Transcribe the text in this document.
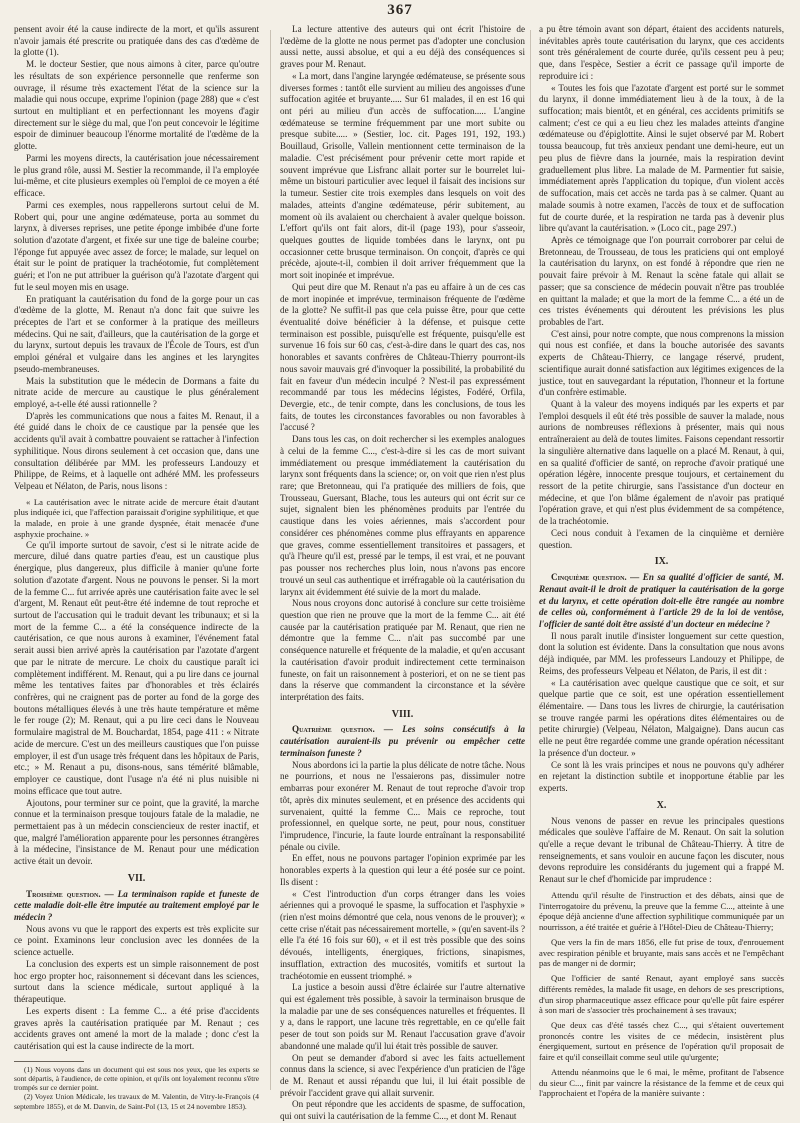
367

pensent avoir été la cause indirecte de la mort, et qu'ils assurent n'avoir jamais été prescrite ou pratiquée dans des cas d'œdème de la glotte (1).

M. le docteur Sestier, que nous aimons à citer, parce qu'outre les résultats de son expérience personnelle que renferme son ouvrage, il résume très exactement l'état de la science sur la maladie qui nous occupe, exprime l'opinion (page 288) que « c'est surtout en multipliant et en perfectionnant les moyens d'agir directement sur le siège du mal, que l'on peut concevoir le légitime espoir de diminuer beaucoup l'énorme mortalité de l'œdème de la glotte.

Parmi les moyens directs, la cautérisation joue nécessairement le plus grand rôle, aussi M. Sestier la recommande, il l'a employée lui-même, et cite plusieurs exemples où l'emploi de ce moyen a été efficace.

Parmi ces exemples, nous rappellerons surtout celui de M. Robert qui, pour une angine œdémateuse, porta au sommet du larynx, à diverses reprises, une petite éponge imbibée d'une forte solution d'azotate d'argent, et fixée sur une tige de baleine courbe; l'éponge fut appuyée avec assez de force; le malade, sur lequel on était sur le point de pratiquer la trachéotomie, fut complètement guéri; et l'on ne put attribuer la guérison qu'à l'azotate d'argent qui fut le seul moyen mis en usage.

En pratiquant la cautérisation du fond de la gorge pour un cas d'œdème de la glotte, M. Renaut n'a donc fait que suivre les préceptes de l'art et se conformer à la pratique des meilleurs médecins. Qui ne sait, d'ailleurs, que la cautérisation de la gorge et du larynx, surtout depuis les travaux de l'École de Tours, est d'un emploi général et vulgaire dans les angines et les laryngites pseudo-membraneuses.

Mais la substitution que le médecin de Dormans a faite du nitrate acide de mercure au caustique le plus généralement employé, a-t-elle été aussi rationnelle ?

D'après les communications que nous a faites M. Renaut, il a été guidé dans le choix de ce caustique par la pensée que les accidents qu'il avait à combattre pouvaient se rattacher à l'infection syphilitique. Nous dirons seulement à cet occasion que, dans une consultation délibérée par MM. les professeurs Landouzy et Philippe, de Reims, et à laquelle ont adhéré MM. les professeurs Velpeau et Nélaton, de Paris, nous lisons :

« La cautérisation avec le nitrate acide de mercure était d'autant plus indiquée ici, que l'affection paraissait d'origine syphilitique, et que la malade, en proie à une grande dyspnée, était menacée d'une asphyxie prochaine. »

Ce qu'il importe surtout de savoir, c'est si le nitrate acide de mercure, dilué dans quatre parties d'eau, est un caustique plus énergique, plus dangereux, plus difficile à manier qu'une forte solution d'azotate d'argent. Nous ne pouvons le penser. Si la mort de la femme C... fut arrivée après une cautérisation faite avec le sel d'argent, M. Renaut eût peut-être été indemne de tout reproche et surtout de l'accusation qui le traduit devant les tribunaux; et si la mort de la femme C... a été la conséquence indirecte de la cautérisation, ce que nous aurons à examiner, l'événement fatal serait aussi bien arrivé après la cautérisation par l'azotate d'argent que par le nitrate de mercure. Le choix du caustique paraît ici complètement indifférent. M. Renaut, qui a pu lire dans ce journal même les tentatives faites par d'honorables et très éclairés confrères, qui ne craignent pas de porter au fond de la gorge des boutons métalliques élevés à une très haute température et même le fer rouge (2); M. Renaut, qui a pu lire ceci dans le Nouveau formulaire magistral de M. Bouchardat, 1854, page 411 : « Nitrate acide de mercure. C'est un des meilleurs caustiques que l'on puisse employer, il est d'un usage très fréquent dans les hôpitaux de Paris, etc.; » M. Renaut a pu, disons-nous, sans témérité blâmable, employer ce caustique, dont l'usage n'a été ni plus nuisible ni moins efficace que tout autre.

Ajoutons, pour terminer sur ce point, que la gravité, la marche connue et la terminaison presque toujours fatale de la maladie, ne permettaient pas à un médecin consciencieux de rester inactif, et que, malgré l'amélioration apparente pour les personnes étrangères à la médecine, l'insistance de M. Renaut pour une médication active était un devoir.

VII.

Troisième question. — La terminaison rapide et funeste de cette maladie doit-elle être imputée au traitement employé par le médecin ?

Nous avons vu que le rapport des experts est très explicite sur ce point. Examinons leur conclusion avec les données de la science actuelle.

La conclusion des experts est un simple raisonnement de post hoc ergo propter hoc, raisonnement si décevant dans les sciences, surtout dans la science médicale, surtout appliqué à la thérapeutique.

Les experts disent : La femme C... a été prise d'accidents graves après la cautérisation pratiquée par M. Renaut ; ces accidents graves ont amené la mort de la malade ; donc c'est la cautérisation qui est la cause indirecte de la mort.

(1) Nous voyons dans un document qui est sous nos yeux, que les experts se sont départis, à l'audience, de cette opinion, et qu'ils ont loyalement reconnu s'être trompés sur ce dernier point.

(2) Voyez Union Médicale, les travaux de M. Valentin, de Vitry-le-François (4 septembre 1855), et de M. Danvin, de Saint-Pol (13, 15 et 24 novembre 1853).

La lecture attentive des auteurs qui ont écrit l'histoire de l'œdème de la glotte ne nous permet pas d'adopter une conclusion aussi nette, aussi absolue, et qui a eu déjà des conséquences si graves pour M. Renaut.

« La mort, dans l'angine laryngée œdémateuse, se présente sous diverses formes : tantôt elle survient au milieu des angoisses d'une suffocation agitée et bruyante..... Sur 61 malades, il en est 16 qui ont péri au milieu d'un accès de suffocation..... L'angine œdémateuse se termine fréquemment par une mort subite ou presque subite..... » (Sestier, loc. cit. Pages 191, 192, 193.) Bouillaud, Grisolle, Vallein mentionnent cette terminaison de la maladie. C'est précisément pour prévenir cette mort rapide et souvent imprévue que Lisfranc allait porter sur le bourrelet lui-même un bistouri particulier avec lequel il faisait des incisions sur la tumeur. Sestier cite trois exemples dans lesquels on voit des malades, atteints d'angine œdémateuse, périr subitement, au moment où ils avalaient ou cherchaient à avaler quelque boisson. L'effort qu'ils ont fait alors, dit-il (page 193), pour s'asseoir, quelques gouttes de liquide tombées dans le larynx, ont pu occasionner cette brusque terminaison. On conçoit, d'après ce qui précède, ajoute-t-il, combien il doit arriver fréquemment que la mort soit inopinée et imprévue.

Qui peut dire que M. Renaut n'a pas eu affaire à un de ces cas de mort inopinée et imprévue, terminaison fréquente de l'œdème de la glotte? Ne suffit-il pas que cela puisse être, pour que cette éventualité doive bénéficier à la défense, et puisque cette terminaison est possible, puisqu'elle est fréquente, puisqu'elle est survenue 16 fois sur 60 cas, c'est-à-dire dans le quart des cas, nos honorables et savants confrères de Château-Thierry pourront-ils nous savoir mauvais gré d'invoquer la possibilité, la probabilité du fait en faveur d'un médecin inculpé ? N'est-il pas expressément recommandé par tous les médecins légistes, Fodéré, Orfila, Devergie, etc., de tenir compte, dans les conclusions, de tous les faits, de toutes les circonstances favorables ou non favorables à l'accusé ?

Dans tous les cas, on doit rechercher si les exemples analogues à celui de la femme C..., c'est-à-dire si les cas de mort suivant immédiatement ou presque immédiatement la cautérisation du larynx sont fréquents dans la science; or, on voit que rien n'est plus rare; que Bretonneau, qui l'a pratiquée des milliers de fois, que Trousseau, Guersant, Blache, tous les auteurs qui ont écrit sur ce sujet, signalent bien les phénomènes produits par l'entrée du caustique dans les voies aériennes, mais s'accordent pour considérer ces phénomènes comme plus effrayants en apparence que graves, comme essentiellement transitoires et passagers, et qu'à l'heure qu'il est, pressé par le temps, il est vrai, et ne pouvant pas pousser nos recherches plus loin, nous n'avons pas encore trouvé un seul cas authentique et irréfragable où la cautérisation du larynx ait évidemment été suivie de la mort du malade.

Nous nous croyons donc autorisé à conclure sur cette troisième question que rien ne prouve que la mort de la femme C... ait été causée par la cautérisation pratiquée par M. Renaut, que rien ne démontre que la femme C... n'ait pas succombé par une conséquence naturelle et fréquente de la maladie, et qu'en accusant la cautérisation d'avoir produit indirectement cette terminaison funeste, on fait un raisonnement à posteriori, et on ne se tient pas dans la réserve que commandent la circonstance et la sévère interprétation des faits.

VIII.

Quatrième question. — Les soins consécutifs à la cautérisation auraient-ils pu prévenir ou empêcher cette terminaison funeste ?

Nous abordons ici la partie la plus délicate de notre tâche. Nous ne pourrions, et nous ne l'essaierons pas, dissimuler notre embarras pour exonérer M. Renaut de tout reproche d'avoir trop tôt, après dix minutes seulement, et en présence des accidents qui survenaient, quitté la femme C... Mais ce reproche, tout professionnel, en quelque sorte, ne peut, pour nous, constituer l'imprudence, l'incurie, la faute lourde entraînant la responsabilité pénale ou civile.

En effet, nous ne pouvons partager l'opinion exprimée par les honorables experts à la question qui leur a été posée sur ce point. Ils disent :

« C'est l'introduction d'un corps étranger dans les voies aériennes qui a provoqué le spasme, la suffocation et l'asphyxie » (rien n'est moins démontré que cela, nous venons de le prouver); « cette crise n'était pas nécessairement mortelle, » (qu'en savent-ils ? elle l'a été 16 fois sur 60), « et il est très possible que des soins dévoués, intelligents, énergiques, frictions, sinapismes, insufflation, extraction des mucosités, vomitifs et surtout la trachéotomie en eussent triomphé. »

La justice a besoin aussi d'être éclairée sur l'autre alternative qui est également très possible, à savoir la terminaison brusque de la maladie par une de ses conséquences naturelles et fréquentes. Il y a, dans le rapport, une lacune très regrettable, en ce qu'elle fait peser de tout son poids sur M. Renaut l'accusation grave d'avoir abandonné une malade qu'il lui était très possible de sauver.

On peut se demander d'abord si avec les faits actuellement connus dans la science, si avec l'expérience d'un praticien de l'âge de M. Renaut et aussi répandu que lui, il lui était possible de prévoir l'accident grave qui allait survenir.

On peut répondre que les accidents de spasme, de suffocation, qui ont suivi la cautérisation de la femme C..., et dont M. Renaut

a pu être témoin avant son départ, étaient des accidents naturels, inévitables après toute cautérisation du larynx, que ces accidents sont très généralement de courte durée, qu'ils cessent peu à peu; que, dans l'espèce, Sestier a écrit ce passage qu'il importe de reproduire ici :

« Toutes les fois que l'azotate d'argent est porté sur le sommet du larynx, il donne immédiatement lieu à de la toux, à de la suffocation; mais bientôt, et en général, ces accidents primitifs se calment; c'est ce qui a eu lieu chez les malades atteints d'angine œdémateuse ou d'épiglottite. Ainsi le sujet observé par M. Robert toussa beaucoup, fut très anxieux pendant une demi-heure, eut un peu plus de fièvre dans la journée, mais la respiration devint graduellement plus libre. La malade de M. Parmentier fut saisie, immédiatement après l'application du topique, d'un violent accès de suffocation, mais cet accès ne tarda pas à se calmer. Quant au malade soumis à notre examen, l'accès de toux et de suffocation fut de courte durée, et la respiration ne tarda pas à devenir plus libre qu'avant la cautérisation. » (Loco cit., page 297.)

Après ce témoignage que l'on pourrait corroborer par celui de Bretonneau, de Trousseau, de tous les praticiens qui ont employé la cautérisation du larynx, on est fondé à répondre que rien ne pouvait faire prévoir à M. Renaut la scène fatale qui allait se passer; que sa conscience de médecin pouvait n'être pas troublée en quittant la malade; et que la mort de la femme C... a été un de ces tristes événements qui déroutent les prévisions les plus probables de l'art.

C'est ainsi, pour notre compte, que nous comprenons la mission qui nous est confiée, et dans la bouche autorisée des savants experts de Château-Thierry, ce langage réservé, prudent, scientifique aurait donné satisfaction aux légitimes exigences de la justice, tout en sauvegardant la réputation, l'honneur et la fortune d'un confrère estimable.

Quant à la valeur des moyens indiqués par les experts et par l'emploi desquels il eût été très possible de sauver la malade, nous aurions de nombreuses réflexions à présenter, mais qui nous entraîneraient au delà de toutes limites. Faisons cependant ressortir la singulière alternative dans laquelle on a placé M. Renaut, à qui, en sa qualité d'officier de santé, on reproche d'avoir pratiqué une opération légère, innocente presque toujours, et certainement du ressort de la petite chirurgie, sans l'assistance d'un docteur en médecine, et que l'on blâme également de n'avoir pas pratiqué l'opération grave, et qui n'est plus évidemment de sa compétence, de la trachéotomie.

Ceci nous conduit à l'examen de la cinquième et dernière question.

IX.

Cinquième question. — En sa qualité d'officier de santé, M. Renaut avait-il le droit de pratiquer la cautérisation de la gorge et du larynx, et cette opération doit-elle être rangée au nombre de celles où, conformément à l'article 29 de la loi de ventôse, l'officier de santé doit être assisté d'un docteur en médecine ?

Il nous paraît inutile d'insister longuement sur cette question, dont la solution est évidente. Dans la consultation que nous avons déjà indiquée, par MM. les professeurs Landouzy et Philippe, de Reims, des professeurs Velpeau et Nélaton, de Paris, il est dit :

« La cautérisation avec quelque caustique que ce soit, et sur quelque partie que ce soit, est une opération essentiellement élémentaire. — Dans tous les livres de chirurgie, la cautérisation se trouve rangée parmi les opérations dites élémentaires ou de petite chirurgie) (Velpeau, Nélaton, Malgaigne). Dans aucun cas elle ne peut être regardée comme une grande opération nécessitant la présence d'un docteur. »

Ce sont là les vrais principes et nous ne pouvons qu'y adhérer en rejetant la distinction subtile et inopportune établie par les experts.

X.

Nous venons de passer en revue les principales questions médicales que soulève l'affaire de M. Renaut. On sait la solution qu'elle a reçue devant le tribunal de Château-Thierry. À titre de renseignements, et sans vouloir en aucune façon les discuter, nous devons reproduire les considérants du jugement qui a frappé M. Renaut sur le chef d'homicide par imprudence :

Attendu qu'il résulte de l'instruction et des débats, ainsi que de l'interrogatoire du prévenu, la preuve que la femme C..., atteinte à une époque déjà ancienne d'une affection syphilitique communiquée par un nourrisson, a été traitée et guérie à l'Hôtel-Dieu de Château-Thierry;

Que vers la fin de mars 1856, elle fut prise de toux, d'enrouement avec respiration pénible et bruyante, mais sans accès et ne l'empêchant pas de manger ni de dormir;

Que l'officier de santé Renaut, ayant employé sans succès différents remèdes, la malade fit usage, en dehors de ses prescriptions, d'un sirop pharmaceutique assez efficace pour qu'elle pût faire espérer à son mari de s'associer très prochainement à ses travaux;

Que deux cas d'été tassés chez C..., qui s'étaient ouvertement prononcés contre les visites de ce médecin, insistèrent plus énergiquement, surtout en présence de l'opération qu'il proposait de faire et qu'il conseillait comme seul utile qu'urgente;

Attendu néanmoins que le 6 mai, le même, profitant de l'absence du sieur C..., finit par vaincre la résistance de la femme et de ceux qui l'approchaient et l'opéra de la manière suivante :
